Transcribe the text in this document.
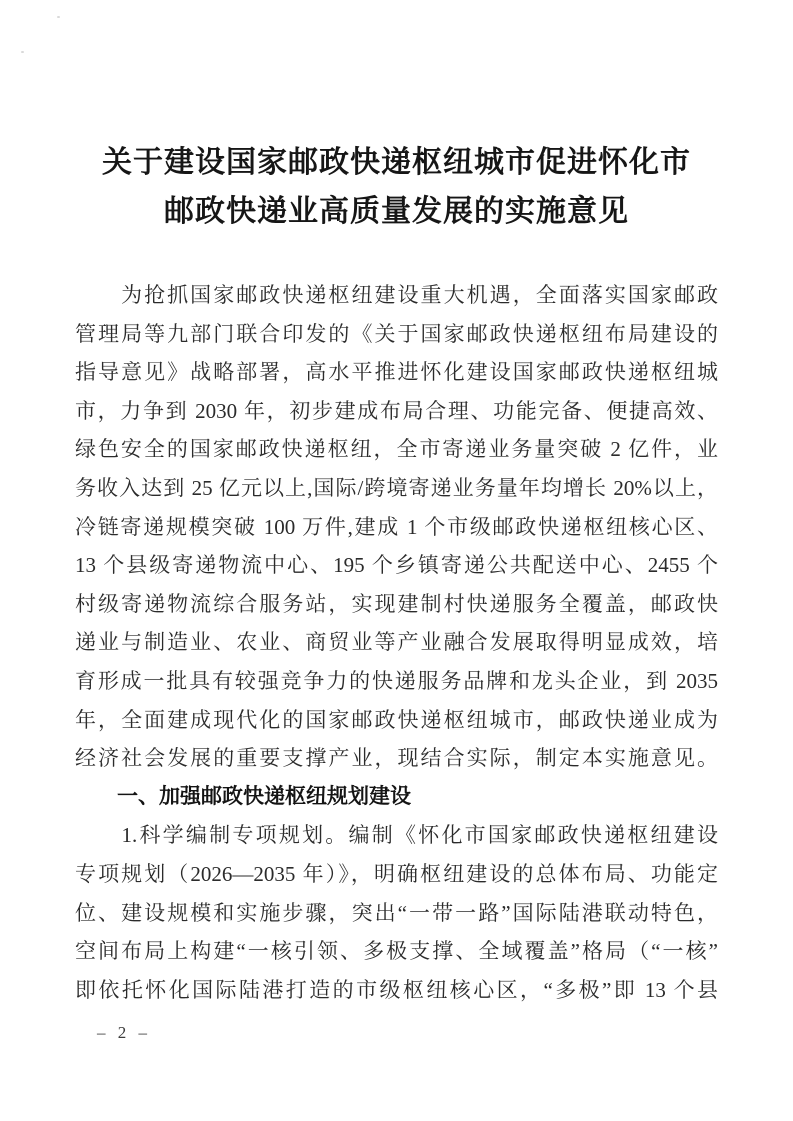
关于建设国家邮政快递枢纽城市促进怀化市
邮政快递业高质量发展的实施意见
　　为抢抓国家邮政快递枢纽建设重大机遇，全面落实国家邮政
管理局等九部门联合印发的《关于国家邮政快递枢纽布局建设的
指导意见》战略部署，高水平推进怀化建设国家邮政快递枢纽城
市，力争到 2030 年，初步建成布局合理、功能完备、便捷高效、
绿色安全的国家邮政快递枢纽，全市寄递业务量突破 2 亿件，业
务收入达到 25 亿元以上,国际/跨境寄递业务量年均增长 20%以上，
冷链寄递规模突破 100 万件,建成 1 个市级邮政快递枢纽核心区、
13 个县级寄递物流中心、195 个乡镇寄递公共配送中心、2455 个
村级寄递物流综合服务站，实现建制村快递服务全覆盖，邮政快
递业与制造业、农业、商贸业等产业融合发展取得明显成效，培
育形成一批具有较强竞争力的快递服务品牌和龙头企业，到 2035
年，全面建成现代化的国家邮政快递枢纽城市，邮政快递业成为
经济社会发展的重要支撑产业，现结合实际，制定本实施意见。
　　一、加强邮政快递枢纽规划建设
　　1.科学编制专项规划。编制《怀化市国家邮政快递枢纽建设
专项规划（2026—2035 年）》，明确枢纽建设的总体布局、功能定
位、建设规模和实施步骤，突出“一带一路”国际陆港联动特色，
空间布局上构建“一核引领、多极支撑、全域覆盖”格局（“一核”
即依托怀化国际陆港打造的市级枢纽核心区，“多极”即 13 个县
– 2 –
